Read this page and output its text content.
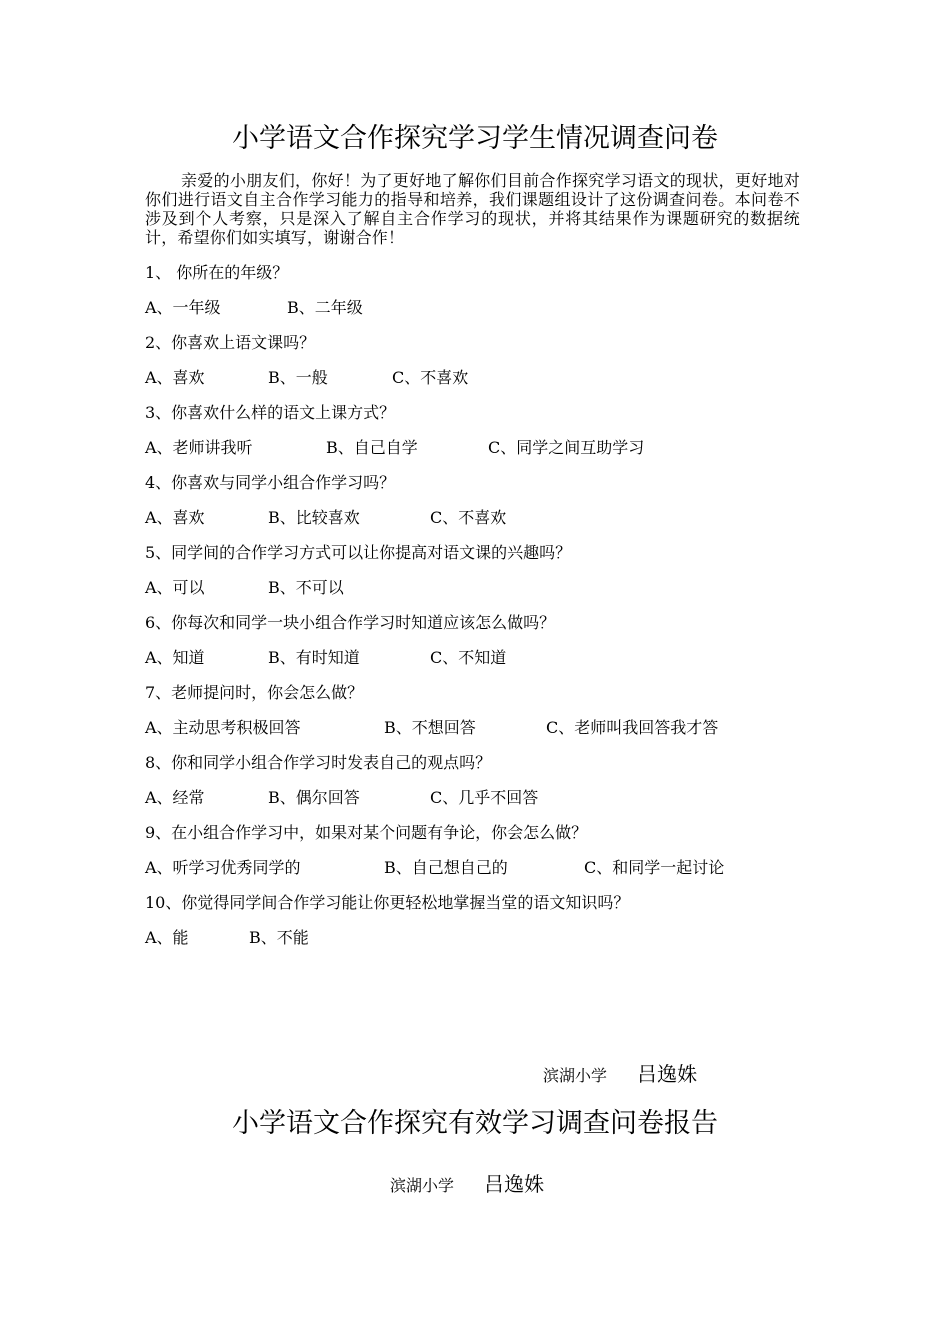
小学语文合作探究学习学生情况调查问卷
亲爱的小朋友们，你好！为了更好地了解你们目前合作探究学习语文的现状，更好地对你们进行语文自主合作学习能力的指导和培养，我们课题组设计了这份调查问卷。本问卷不涉及到个人考察，只是深入了解自主合作学习的现状，并将其结果作为课题研究的数据统计，希望你们如实填写，谢谢合作！
1、 你所在的年级？
A、一年级	B、二年级
2、你喜欢上语文课吗？
A、喜欢	B、一般	C、不喜欢
3、你喜欢什么样的语文上课方式？
A、老师讲我听	B、自己自学	C、同学之间互助学习
4、你喜欢与同学小组合作学习吗？
A、喜欢	B、比较喜欢	C、不喜欢
5、同学间的合作学习方式可以让你提高对语文课的兴趣吗？
A、可以	B、不可以
6、你每次和同学一块小组合作学习时知道应该怎么做吗？
A、知道	B、有时知道	C、不知道
7、老师提问时，你会怎么做？
A、主动思考积极回答	B、不想回答	C、老师叫我回答我才答
8、你和同学小组合作学习时发表自己的观点吗？
A、经常	B、偶尔回答	C、几乎不回答
9、在小组合作学习中，如果对某个问题有争论，你会怎么做？
A、听学习优秀同学的	B、自己想自己的	C、和同学一起讨论
10、你觉得同学间合作学习能让你更轻松地掌握当堂的语文知识吗？
A、能	B、不能
滨湖小学 吕逸姝
小学语文合作探究有效学习调查问卷报告
滨湖小学 吕逸姝
